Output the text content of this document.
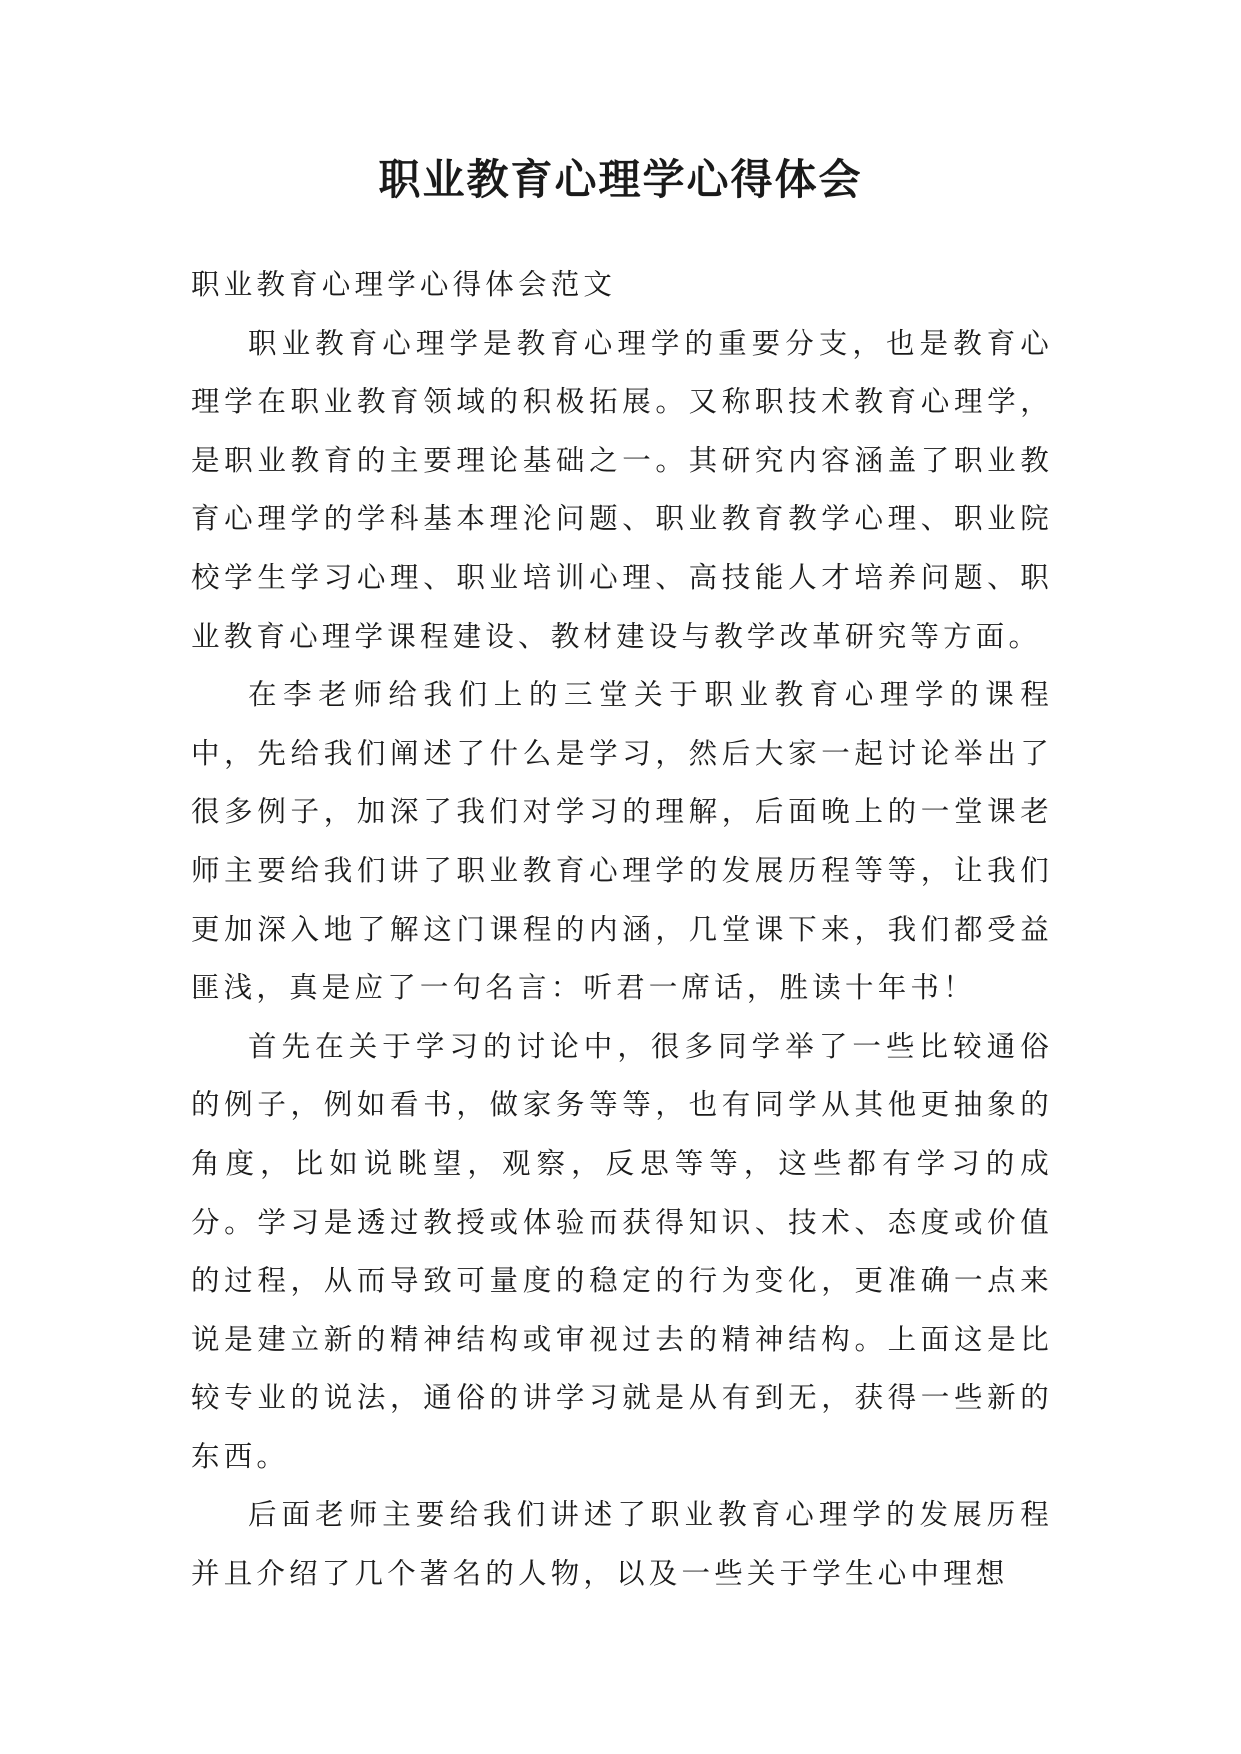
职业教育心理学心得体会

职业教育心理学心得体会范文

职业教育心理学是教育心理学的重要分支，也是教育心理学在职业教育领域的积极拓展。又称职技术教育心理学，是职业教育的主要理论基础之一。其研究内容涵盖了职业教育心理学的学科基本理沦问题、职业教育教学心理、职业院校学生学习心理、职业培训心理、高技能人才培养问题、职业教育心理学课程建设、教材建设与教学改革研究等方面。

在李老师给我们上的三堂关于职业教育心理学的课程中，先给我们阐述了什么是学习，然后大家一起讨论举出了很多例子，加深了我们对学习的理解，后面晚上的一堂课老师主要给我们讲了职业教育心理学的发展历程等等，让我们更加深入地了解这门课程的内涵，几堂课下来，我们都受益匪浅，真是应了一句名言：听君一席话，胜读十年书！

首先在关于学习的讨论中，很多同学举了一些比较通俗的例子，例如看书，做家务等等，也有同学从其他更抽象的角度，比如说眺望，观察，反思等等，这些都有学习的成分。学习是透过教授或体验而获得知识、技术、态度或价值的过程，从而导致可量度的稳定的行为变化，更准确一点来说是建立新的精神结构或审视过去的精神结构。上面这是比较专业的说法，通俗的讲学习就是从有到无，获得一些新的东西。

后面老师主要给我们讲述了职业教育心理学的发展历程并且介绍了几个著名的人物，以及一些关于学生心中理想
